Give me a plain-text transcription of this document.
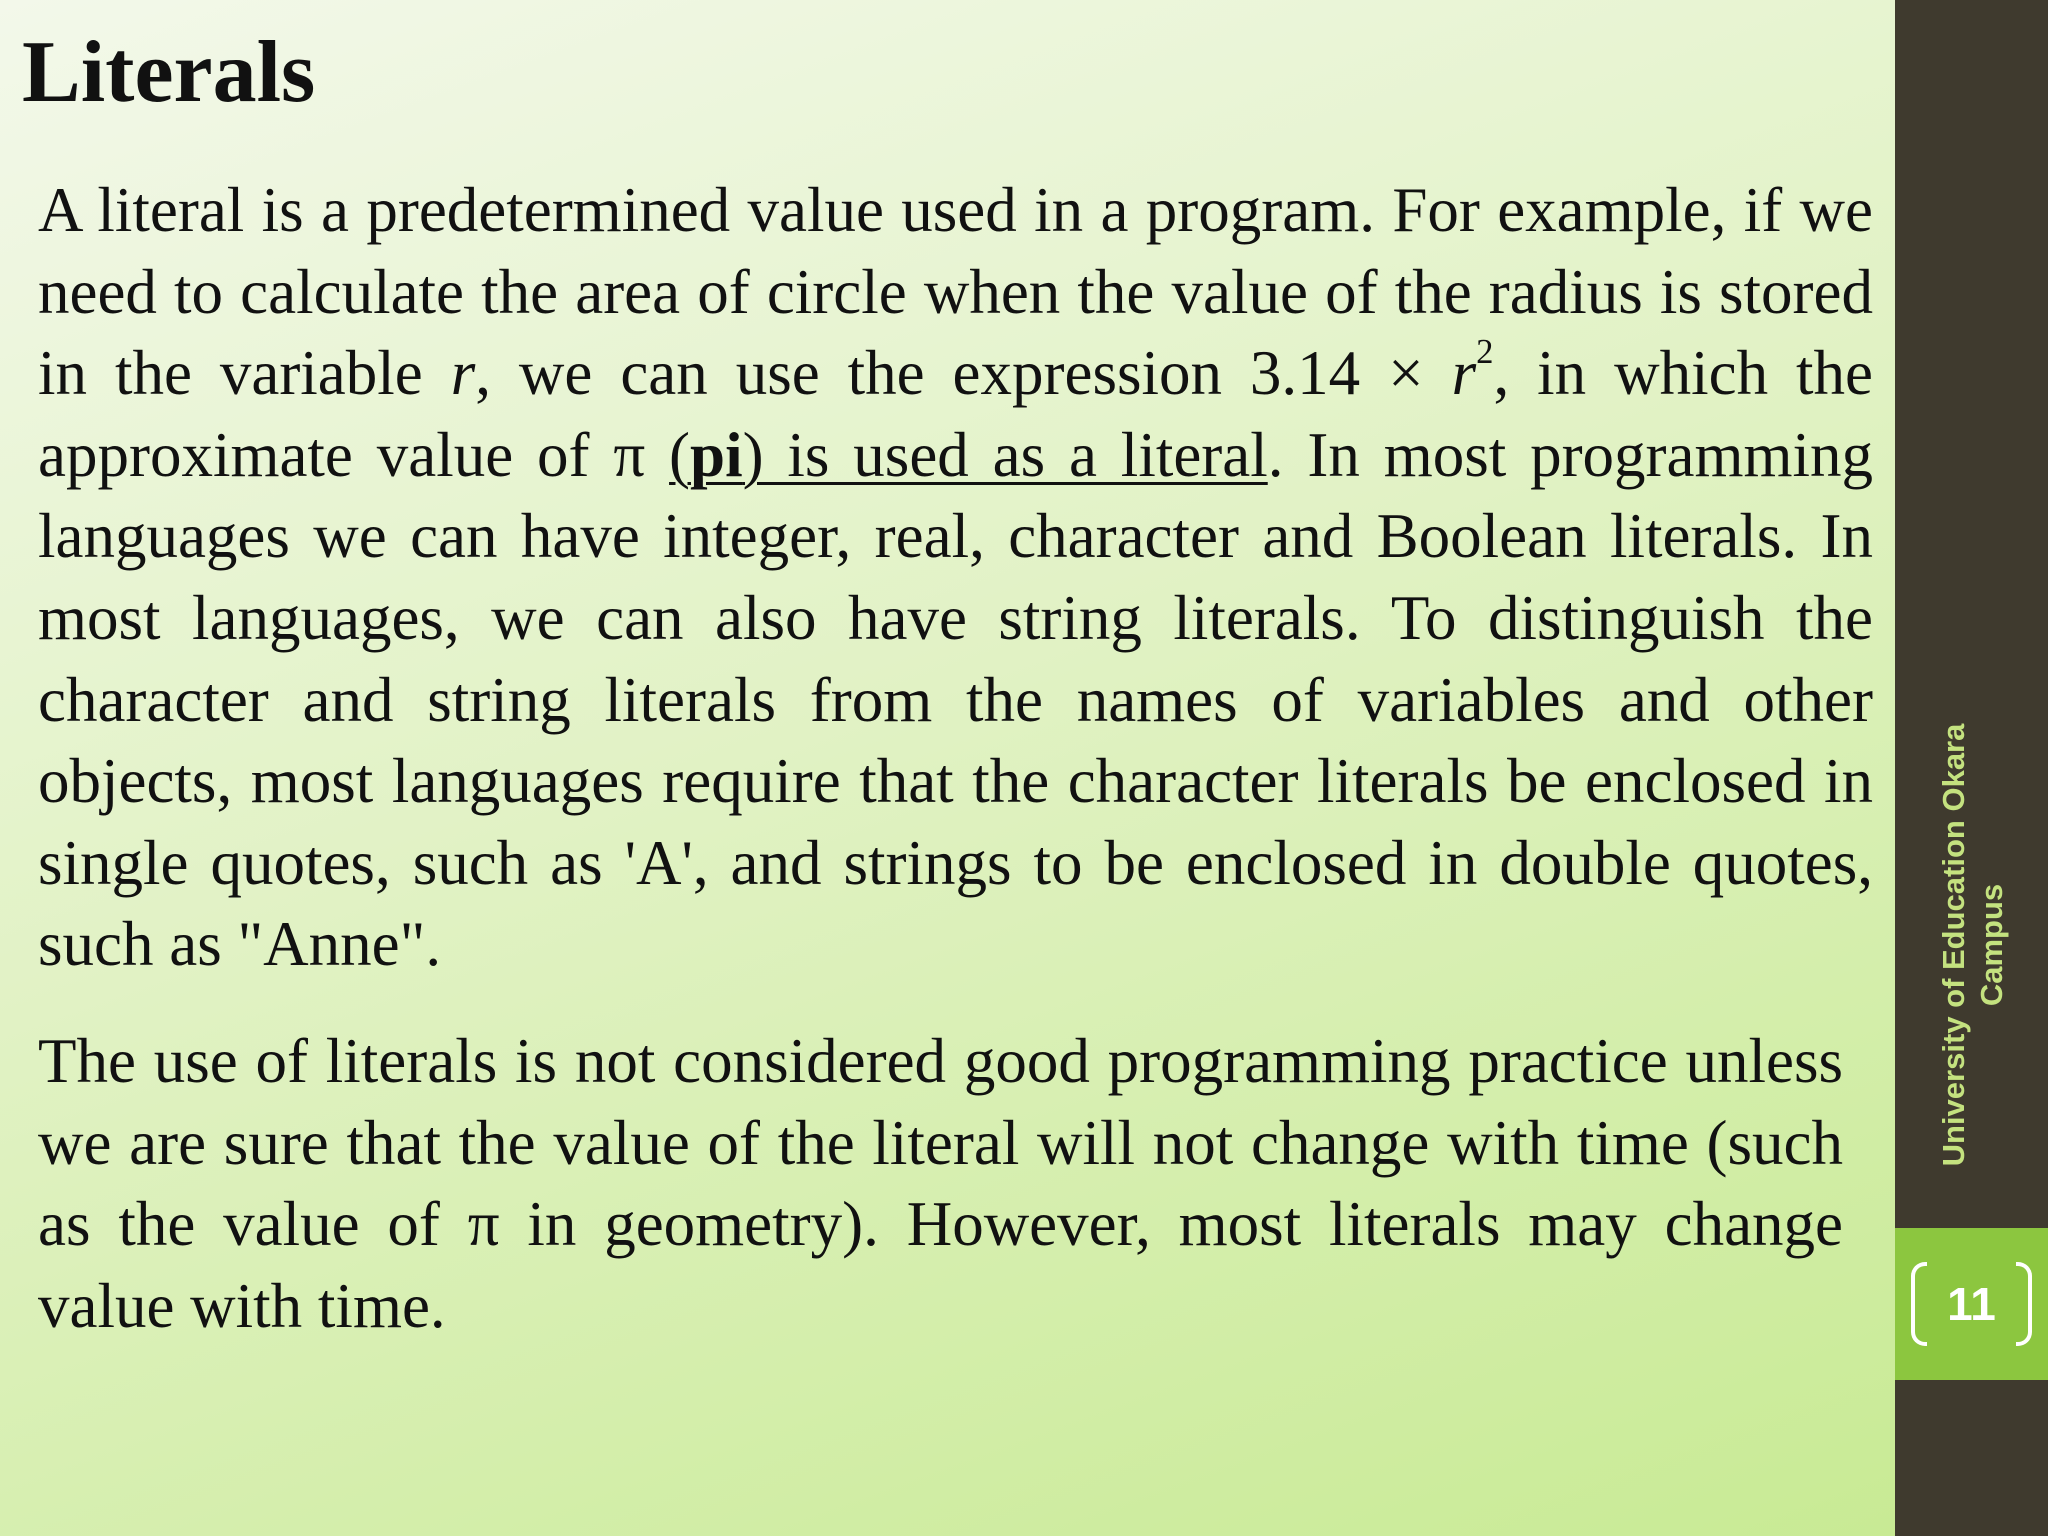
Literals

A literal is a predetermined value used in a program. For example, if we need to calculate the area of circle when the value of the radius is stored in the variable r, we can use the expression $3.14 \times r^2$, in which the approximate value of π (pi) is used as a literal. In most programming languages we can have integer, real, character and Boolean literals. In most languages, we can also have string literals. To distinguish the character and string literals from the names of variables and other objects, most languages require that the character literals be enclosed in single quotes, such as 'A', and strings to be enclosed in double quotes, such as "Anne".

The use of literals is not considered good programming practice unless we are sure that the value of the literal will not change with time (such as the value of π in geometry). However, most literals may change value with time.

University of Education Okara Campus
11
